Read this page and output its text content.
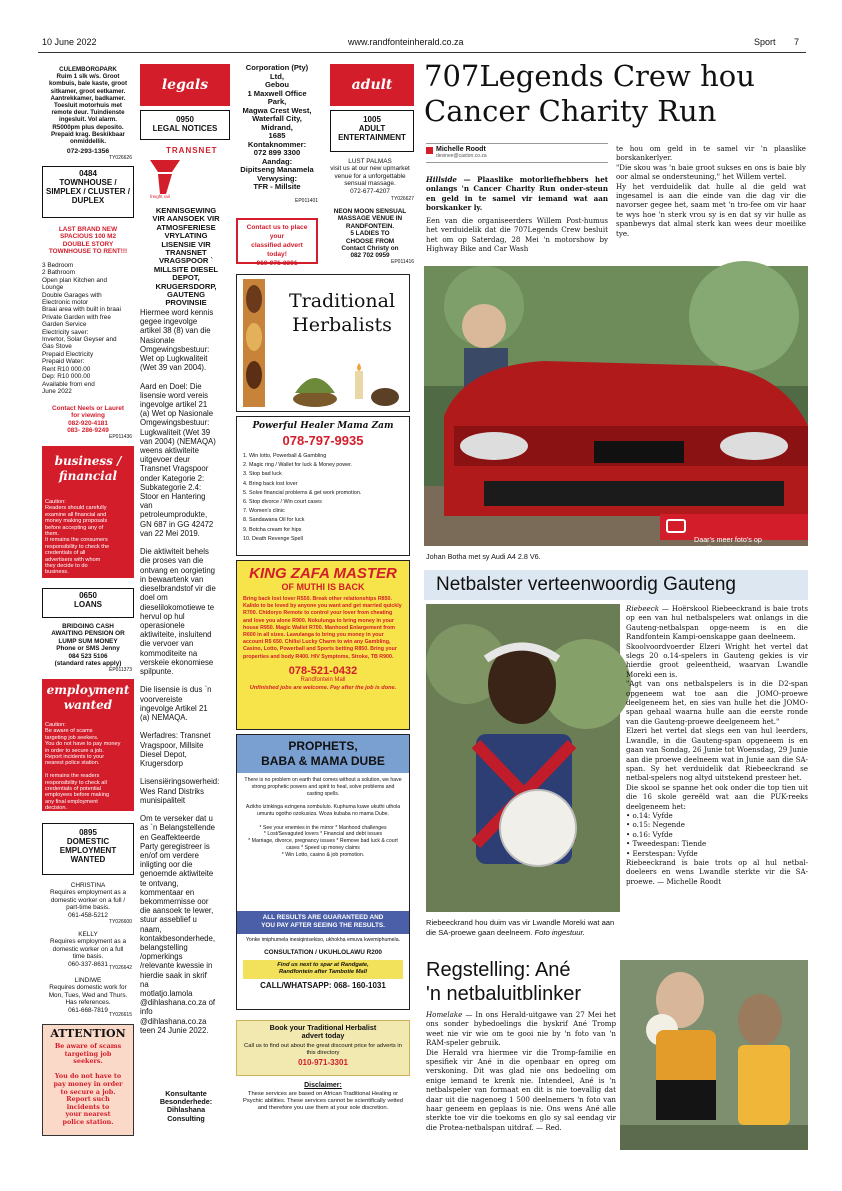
10 June 2022	www.randfonteinherald.co.za	Sport 7
CULEMBORGPARK
Ruim 1 slk w/s. Groot
kombuis, bale kaste, groot
sitkamer, groot eetkamer.
Aantrekkamer, badkamer.
Toesluit motorhuis met
remote deur. Tuindienste
ingesluit. Vol alarm.
R5000pm plus deposito.
Prepaid krag. Beskikbaar
onmiddellik.
072-293-1356
TY026626
0484
TOWNHOUSE /
SIMPLEX / CLUSTER /
DUPLEX
LAST BRAND NEW
SPACIOUS 100 M2
DOUBLE STORY
TOWNHOUSE TO RENT!!!
3 Bedroom
2 Bathroom
Open plan Kitchen and
Lounge
Double Garages with
Electronic motor
Braai area with built in braai
Private Garden with free
Garden Service
Electricity saver:
Invertor, Solar Geyser and
Gas Stove
Prepaid Electricity
Prepaid Water:
Rent R10 000.00
Dep: R10 000.00
Available from end
June 2022
Contact Neels or Lauret
for viewing
082-920-4181
083- 286-9249
EP011436
business /
financial
Caution:
Readers should carefully
examine all financial and
money making proposals
before accepting any of
them.
It remains the consumers
responsibility to check the
credentials of all
advertisers with whom
they decide to do
business.
0650
LOANS
BRIDGING CASH
AWAITING PENSION OR
LUMP SUM MONEY
Phone or SMS Jenny
084 523 5106
(standard rates apply)
EP011373
employment
wanted
Caution:
Be aware of scams
targeting job seekers.
You do not have to pay money
in order to secure a job.
Report incidents to your
nearest police station.

It remains the readers
responsibility to check all
credentials of potential
employees before making
any final employment
decision.
0895
DOMESTIC
EMPLOYMENT
WANTED
CHRISTINA
Requires employment as a
domestic worker on a full /
part-time basis.
061-458-5212
TY026600
KELLY
Requires employment as a
domestic worker on a full
time basis.
060-337-8631
TY026642
LINDIWE
Requires domestic work for
Mon, Tues, Wed and Thurs.
Has references.
061-668-7819
TY026615
ATTENTION
Be aware of scams
targeting job
seekers.

You do not have to
pay money in order
to secure a job.
Report such
incidents to
your nearest
police station.
legals
0950
LEGAL NOTICES
TRANSNET
freight rail
KENNISGEWING
VIR AANSOEK VIR
ATMOSFERIESE
VRYLATING
LISENSIE VIR
TRANSNET
VRAGSPOOR `
MILLSITE DIESEL
DEPOT,
KRUGERSDORP,
GAUTENG
PROVINSIE
Hiermee word kennis
gegee ingevolge
artikel 38 (8) van die
Nasionale
Omgewingsbestuur:
Wet op Lugkwaliteit
(Wet 39 van 2004).

Aard en Doel: Die
lisensie word vereis
ingevolge artikel 21
(a) Wet op Nasionale
Omgewingsbestuur:
Lugkwaliteit (Wet 39
van 2004) (NEMAQA)
weens aktiwiteite
uitgevoer deur
Transnet Vragspoor
onder Kategorie 2:
Subkategorie 2.4:
Stoor en Hantering
van
petroleumprodukte,
GN 687 in GG 42472
van 22 Mei 2019.

Die aktiwiteit behels
die proses van die
ontvang en oorgieting
in bewaartenk van
dieselbrandstof vir die
doel om
dieselilokomotiewe te
hervul op hul
operasionele
aktiwiteite, insluitend
die vervoer van
kommoditeite na
verskeie ekonomiese
spilpunte.

Die lisensie is dus `n
voorvereiste
ingevolge Artikel 21
(a) NEMAQA.

Werfadres: Transnet
Vragspoor, Millsite
Diesel Depot,
Krugersdorp

Lisensiëringsowerheid:
Wes Rand Distriks
munisipaliteit

Om te verseker dat u
as `n Belangstellende
en Geaffekteerde
Party geregistreer is
en/of om verdere
inligting oor die
genoemde aktiwiteite
te ontvang,
kommentaar en
bekommernisse oor
die aansoek te lewer,
stuur asseblief u
naam,
kontakbesonderhede,
belangstelling
/opmerkings
/relevante kwessie in
hierdie saak in skrif
na
motlatjo.lamola
@dihlashana.co.za of
info
@dihlashana.co.za
teen 24 Junie 2022.
Konsultante
Besonderhede:
Dihlashana
Consulting
Corporation (Pty)
Ltd,
Gebou
1 Maxwell Office
Park,
Magwa Crest West,
Waterfall City,
Midrand,
1685
Kontaknommer:
072 899 3300
Aandag:
Dipitseng Manamela
Verwysing:
TFR - Millsite
EP011401
Contact us to place your
classified advert today!
010-971-3301
Traditional
Herbalists
Powerful Healer Mama Zam
078-797-9935
1. Win lotto, Powerball & Gambling
2. Magic ring / Wallet for luck & Money power.
3. Stop bad luck
4. Bring back lost lover
5. Solve financial problems & get work promotion.
6. Stop divorce / Win court cases
7. Women's clinic
8. Sandawana Oil for luck
9. Botcha cream for hips
10. Death Revenge Spell
KING ZAFA MASTER
OF MUTHI IS BACK
Bring back lost lover R550. Break other relationships R850. Kalido to be loved by anyone you want and get married quickly R700. Chidoryo Remote to control your lover from cheating and love you alone R900. Nokulunga to bring money in your house R950. Magic Wallet R700. Manhood Enlargement from R600 in all sizes. Lawulanga to bring you money in your account R5 650. Chilisi Lucky Charm to win any Gambling, Casino, Lotto, Powerball and Sports betting R850. Bring your properties and body R400. HIV Symptoms, Stroke, TB R900.
078-521-0432
Randfontein Mall
Unfinished jobs are welcome. Pay after the job is done.
PROPHETS,
BABA & MAMA DUBE
There is no problem on earth that comes without a solution, we have strong prophetic powers and spirit to heal, solve problems and casting spells.

Azikho izinkinga ezingena sombululo. Kuphuma kuwe ukuthi uthola umuntu ogotho ozokusiza. Woza kubaba no mama Dube.

* See your enemies in the mirror * Manhood challenges
* Lost/Sevaguted lovers * Financial and debt issues
* Marriage, divorce, pregnancy issues * Remove bad luck & court cases * Speed up money claims
* Win Lotto, casino & job promotion.
ALL RESULTS ARE GUARANTEED AND
YOU PAY AFTER SEEING THE RESULTS.
Yonke imiphumela inesiqinisekiso, ukhokha emuva kwemiphumela.
CONSULTATION / UKUHLOLAWU R200
Find us next to spar at Randgate,
Randfontein after Tambotie Mall
CALL/WHATSAPP: 068- 160-1031
Book your Traditional Herbalist
advert today
Call us to find out about the great discount price for adverts in this directory
010-971-3301
Disclaimer:
These services are based on African Traditional Healing or Psychic abilities. These services cannot be scientifically vetted and therefore you use them at your sole discretion.
adult
1005
ADULT
ENTERTAINMENT
LUST PALMAS
visit us at our new upmarket
venue for a unforgettable
sensual massage.
072-677-4207
TY026627
NEON MOON SENSUAL
MASSAGE VENUE IN
RANDFONTEIN.
5 LADIES TO
CHOOSE FROM
Contact Christy on
082 702 0959
EP011416
707Legends Crew hou
Cancer Charity Run
Michelle Roodt
desinee@caxton.co.za
Hillside — Plaaslike motorliefhebbers het onlangs 'n Cancer Charity Run onder-steun en geld in te samel vir iemand wat aan borskanker ly.
Een van die organiseerders Willem Post-humus het verduidelik dat die 707Legends Crew besluit het om op Saterdag, 28 Mei 'n motorshow by Highway Bike and Car Wash
te hou om geld in te samel vir 'n plaaslike borskankerlyer.
"Die skou was 'n baie groot sukses en ons is baie bly oor almal se ondersteuning," het Willem vertel.
Hy het verduidelik dat hulle al die geld wat ingesamel is aan die einde van die dag vir die navorser gegee het, saam met 'n tro-fee om vir haar te wys hoe 'n sterk vrou sy is en dat sy vir hulle as spanbewys dat almal sterk kan wees deur moeilike tye.

Daar's meer foto's op
randfonteinherald.co.za

Johan Botha met sy Audi A4 2.8 V6.
Netbalster verteenwoordig Gauteng
Riebeeckrand hou duim vas vir Lwandle Moreki wat aan die SA-proewe gaan deelneem. Foto ingestuur.
Riebeeck — Hoërskool Riebeeckrand is baie trots op een van hul netbalspelers wat onlangs in die Gauteng-netbalspan opge-neem is en die Randfontein Kampi-oenskappe gaan deelneem.
Skoolvoordvoerder Elzeri Wright het vertel dat slegs 20 o.14-spelers in Gauteng gekies is vir hierdie groot geleentheid, waarvan Lwandle Moreki een is.
"Agt van ons netbalspelers is in die D2-span opgeneem wat toe aan die JOMO-proewe deelgeneem het, en sies van hulle het die JOMO-span gehaal waarna hulle aan die eerste ronde van die Gauteng-proewe deelgeneem het."
Elzeri het vertel dat slegs een van hul leerders, Lwandle, in die Gauteng-span opgeneem is en gaan van Sondag, 26 Junie tot Woensdag, 29 Junie aan die proewe deelneem wat in Junie aan die SA-span. Sy het verduidelik dat Riebeeckrand se netbal-spelers nog altyd uitstekend presteer het.
Die skool se spanne het ook onder die top tien uit die 16 skole gereëld wat aan die PUK-reeks deelgeneem het:
• o.14: Vyfde
• o.15: Negende
• o.16: Vyfde
• Tweedespan: Tiende
• Eerstespan: Vyfde
Riebeeckrand is baie trots op al hul netbal-doeleers en wens Lwandle sterkte vir die SA-proewe. — Michelle Roodt
Regstelling: Ané
'n netbaluitblinker
Homelake — In ons Herald-uitgawe van 27 Mei het ons sonder bybedoelings die byskrif Ané Tromp weet nie vir wie om te gooi nie by 'n foto van 'n RAM-speler gebruik.
Die Herald vra hiermee vir die Tromp-familie en spesifiek vir Ané in die openbaar en opreg om verskoning. Dit was glad nie ons bedoeling om enige iemand te krenk nie. Intendeel, Ané is 'n netbalspeler van formaat en dit is nie toevallig dat daar uit die nagenoeg 1 500 deelnemers 'n foto van haar geneem en geplaas is nie. Ons wens Ané alle sterkte toe vir die toekoms en glo sy sal eendag vir die Protea-netbalspan uitdraf. — Red.
